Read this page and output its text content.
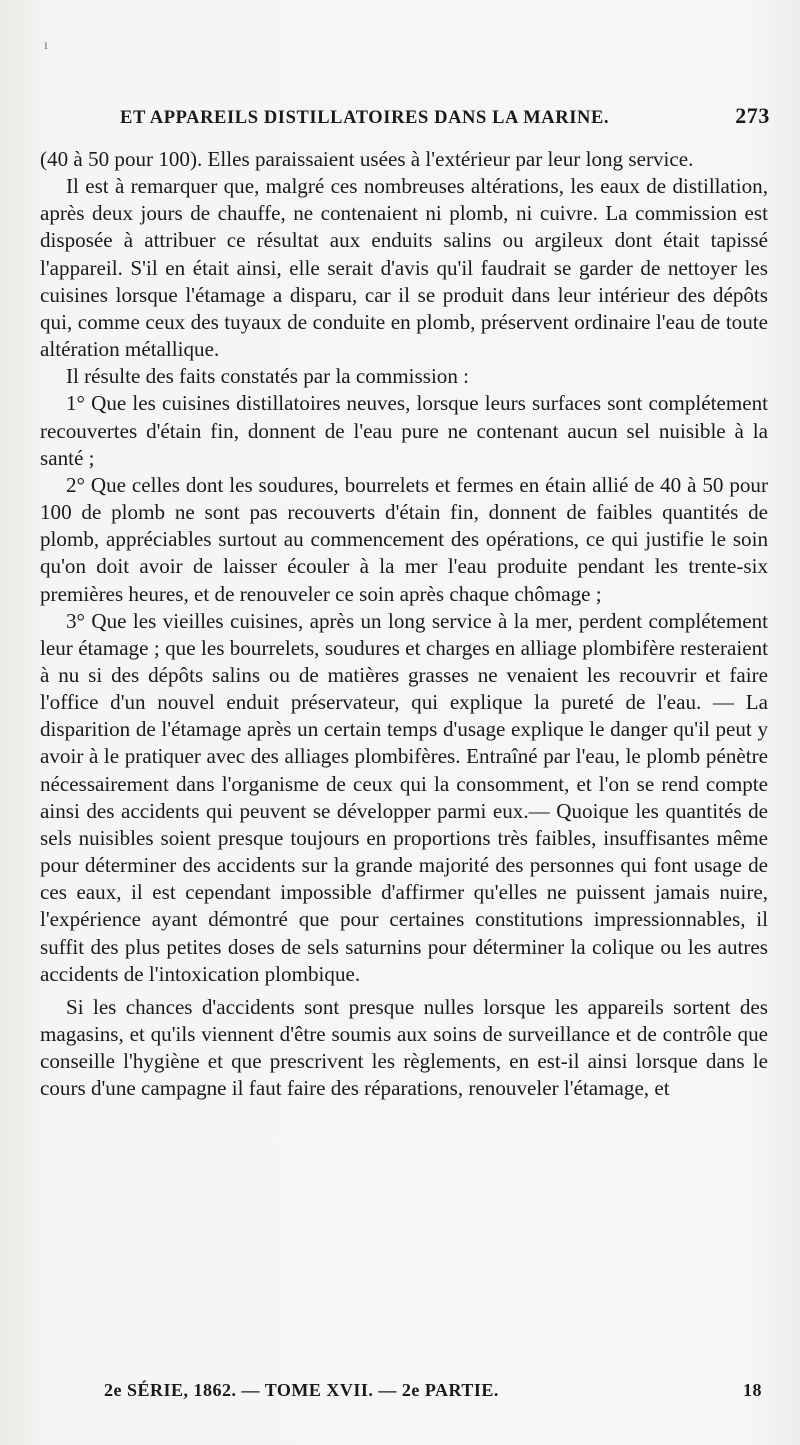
ı
ET APPAREILS DISTILLATOIRES DANS LA MARINE.	273

(40 à 50 pour 100). Elles paraissaient usées à l'extérieur par leur long service.

Il est à remarquer que, malgré ces nombreuses altérations, les eaux de distillation, après deux jours de chauffe, ne contenaient ni plomb, ni cuivre. La commission est disposée à attribuer ce résultat aux enduits salins ou argileux dont était tapissé l'appareil. S'il en était ainsi, elle serait d'avis qu'il faudrait se garder de nettoyer les cuisines lorsque l'étamage a disparu, car il se produit dans leur intérieur des dépôts qui, comme ceux des tuyaux de conduite en plomb, préservent ordinaire l'eau de toute altération métallique.

Il résulte des faits constatés par la commission :

1° Que les cuisines distillatoires neuves, lorsque leurs surfaces sont complétement recouvertes d'étain fin, donnent de l'eau pure ne contenant aucun sel nuisible à la santé ;

2° Que celles dont les soudures, bourrelets et fermes en étain allié de 40 à 50 pour 100 de plomb ne sont pas recouverts d'étain fin, donnent de faibles quantités de plomb, appréciables surtout au commencement des opérations, ce qui justifie le soin qu'on doit avoir de laisser écouler à la mer l'eau produite pendant les trente-six premières heures, et de renouveler ce soin après chaque chômage ;

3° Que les vieilles cuisines, après un long service à la mer, perdent complétement leur étamage ; que les bourrelets, soudures et charges en alliage plombifère resteraient à nu si des dépôts salins ou de matières grasses ne venaient les recouvrir et faire l'office d'un nouvel enduit préservateur, qui explique la pureté de l'eau. — La disparition de l'étamage après un certain temps d'usage explique le danger qu'il peut y avoir à le pratiquer avec des alliages plombifères. Entraîné par l'eau, le plomb pénètre nécessairement dans l'organisme de ceux qui la consomment, et l'on se rend compte ainsi des accidents qui peuvent se développer parmi eux.— Quoique les quantités de sels nuisibles soient presque toujours en proportions très faibles, insuffisantes même pour déterminer des accidents sur la grande majorité des personnes qui font usage de ces eaux, il est cependant impossible d'affirmer qu'elles ne puissent jamais nuire, l'expérience ayant démontré que pour certaines constitutions impressionnables, il suffit des plus petites doses de sels saturnins pour déterminer la colique ou les autres accidents de l'intoxication plombique.

Si les chances d'accidents sont presque nulles lorsque les appareils sortent des magasins, et qu'ils viennent d'être soumis aux soins de surveillance et de contrôle que conseille l'hygiène et que prescrivent les règlements, en est-il ainsi lorsque dans le cours d'une campagne il faut faire des réparations, renouveler l'étamage, et

2e SÉRIE, 1862. — TOME XVII. — 2e PARTIE.	18
